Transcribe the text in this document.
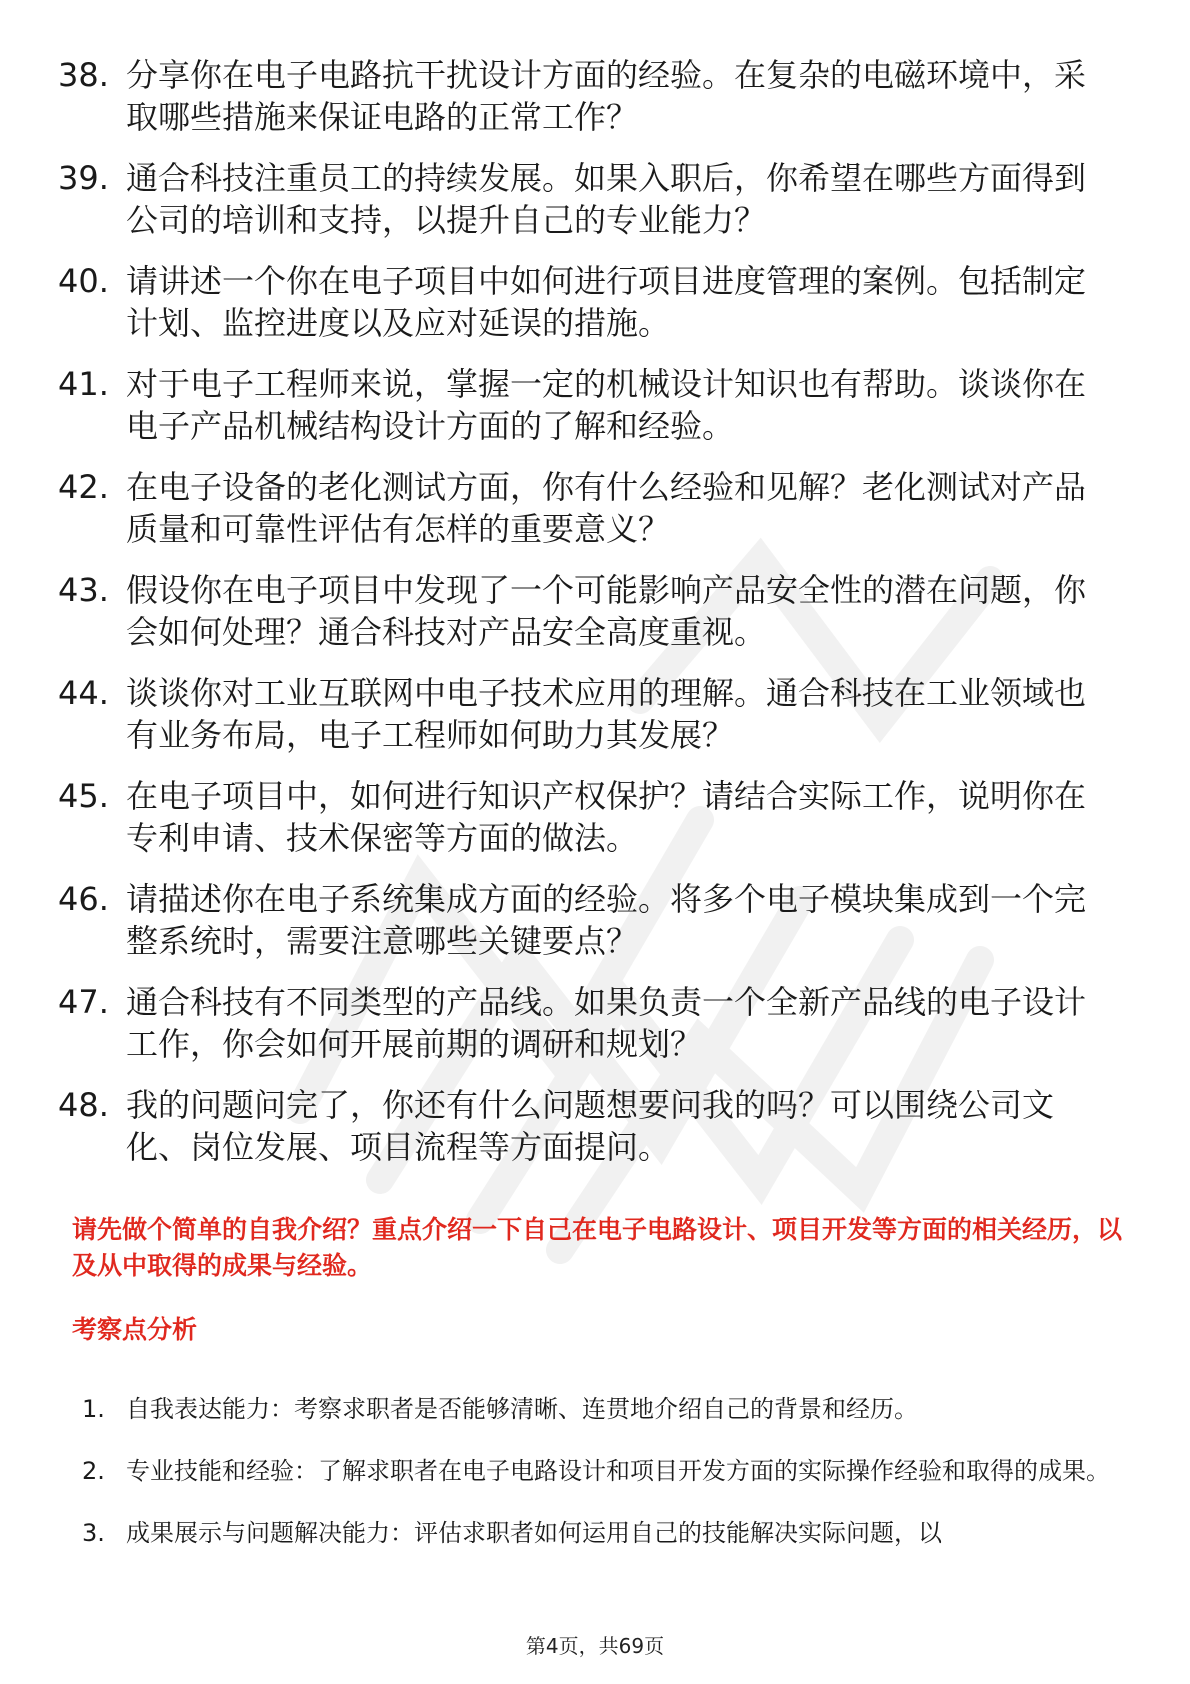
38. 分享你在电子电路抗干扰设计方面的经验。在复杂的电磁环境中，采取哪些措施来保证电路的正常工作？
39. 通合科技注重员工的持续发展。如果入职后，你希望在哪些方面得到公司的培训和支持，以提升自己的专业能力？
40. 请讲述一个你在电子项目中如何进行项目进度管理的案例。包括制定计划、监控进度以及应对延误的措施。
41. 对于电子工程师来说，掌握一定的机械设计知识也有帮助。谈谈你在电子产品机械结构设计方面的了解和经验。
42. 在电子设备的老化测试方面，你有什么经验和见解？老化测试对产品质量和可靠性评估有怎样的重要意义？
43. 假设你在电子项目中发现了一个可能影响产品安全性的潜在问题，你会如何处理？通合科技对产品安全高度重视。
44. 谈谈你对工业互联网中电子技术应用的理解。通合科技在工业领域也有业务布局，电子工程师如何助力其发展？
45. 在电子项目中，如何进行知识产权保护？请结合实际工作，说明你在专利申请、技术保密等方面的做法。
46. 请描述你在电子系统集成方面的经验。将多个电子模块集成到一个完整系统时，需要注意哪些关键要点？
47. 通合科技有不同类型的产品线。如果负责一个全新产品线的电子设计工作，你会如何开展前期的调研和规划？
48. 我的问题问完了，你还有什么问题想要问我的吗？可以围绕公司文化、岗位发展、项目流程等方面提问。

请先做个简单的自我介绍？重点介绍一下自己在电子电路设计、项目开发等方面的相关经历，以及从中取得的成果与经验。

考察点分析

1. 自我表达能力：考察求职者是否能够清晰、连贯地介绍自己的背景和经历。
2. 专业技能和经验：了解求职者在电子电路设计和项目开发方面的实际操作经验和取得的成果。
3. 成果展示与问题解决能力：评估求职者如何运用自己的技能解决实际问题，以
第4页，共69页
